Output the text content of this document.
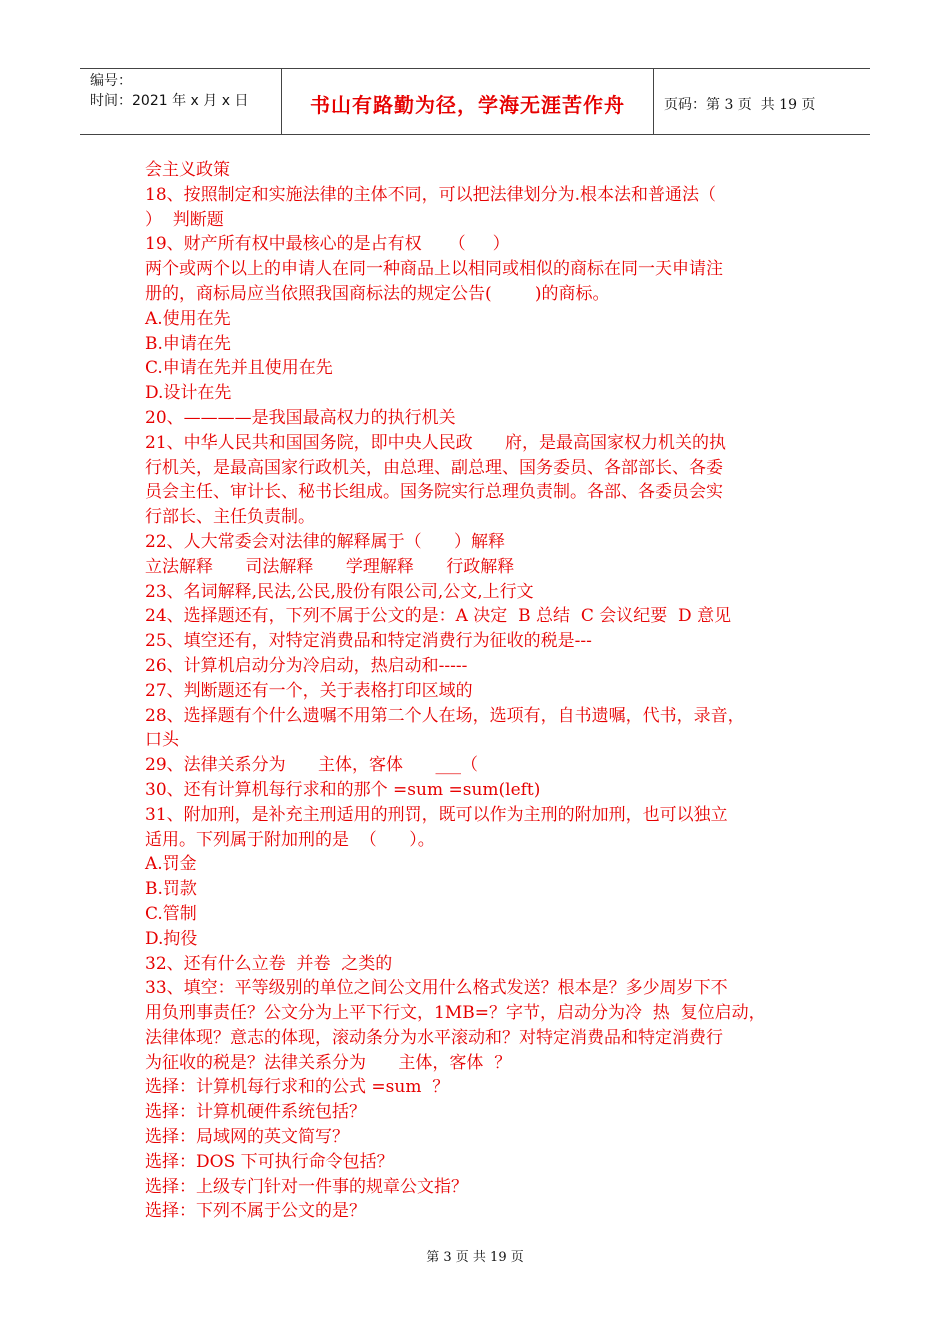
编号：
时间：2021 年 x 月 x 日	书山有路勤为径，学海无涯苦作舟	页码：第 3 页  共 19 页

会主义政策

18、按照制定和实施法律的主体不同，可以把法律划分为.根本法和普通法（

）  判断题

19、财产所有权中最核心的是占有权     （     ）

两个或两个以上的申请人在同一种商品上以相同或相似的商标在同一天申请注

册的，商标局应当依照我国商标法的规定公告(        )的商标。

A.使用在先

B.申请在先

C.申请在先并且使用在先

D.设计在先

20、————是我国最高权力的执行机关

21、中华人民共和国国务院，即中央人民政      府，是最高国家权力机关的执

行机关，是最高国家行政机关，由总理、副总理、国务委员、各部部长、各委

员会主任、审计长、秘书长组成。国务院实行总理负责制。各部、各委员会实

行部长、主任负责制。

22、人大常委会对法律的解释属于（      ）解释

立法解释      司法解释      学理解释      行政解释

23、名词解释,民法,公民,股份有限公司,公文,上行文

24、选择题还有，下列不属于公文的是：A 决定  B 总结  C 会议纪要  D 意见

25、填空还有，对特定消费品和特定消费行为征收的税是---

26、计算机启动分为冷启动，热启动和-----

27、判断题还有一个，关于表格打印区域的

28、选择题有个什么遗嘱不用第二个人在场，选项有，自书遗嘱，代书，录音，

口头

29、法律关系分为      主体，客体      ___（

30、还有计算机每行求和的那个 =sum =sum(left)

31、附加刑，是补充主刑适用的刑罚，既可以作为主刑的附加刑，也可以独立

适用。下列属于附加刑的是  （      ）。

A.罚金

B.罚款

C.管制

D.拘役

32、还有什么立卷  并卷  之类的

33、填空：平等级别的单位之间公文用什么格式发送？根本是？多少周岁下不

用负刑事责任？公文分为上平下行文，1MB=？字节，启动分为冷  热  复位启动，

法律体现？意志的体现，滚动条分为水平滚动和？对特定消费品和特定消费行

为征收的税是？法律关系分为      主体，客体  ？

选择：计算机每行求和的公式 =sum  ？

选择：计算机硬件系统包括？

选择：局域网的英文简写？

选择：DOS 下可执行命令包括？

选择：上级专门针对一件事的规章公文指？

选择：下列不属于公文的是？

第 3 页 共 19 页
